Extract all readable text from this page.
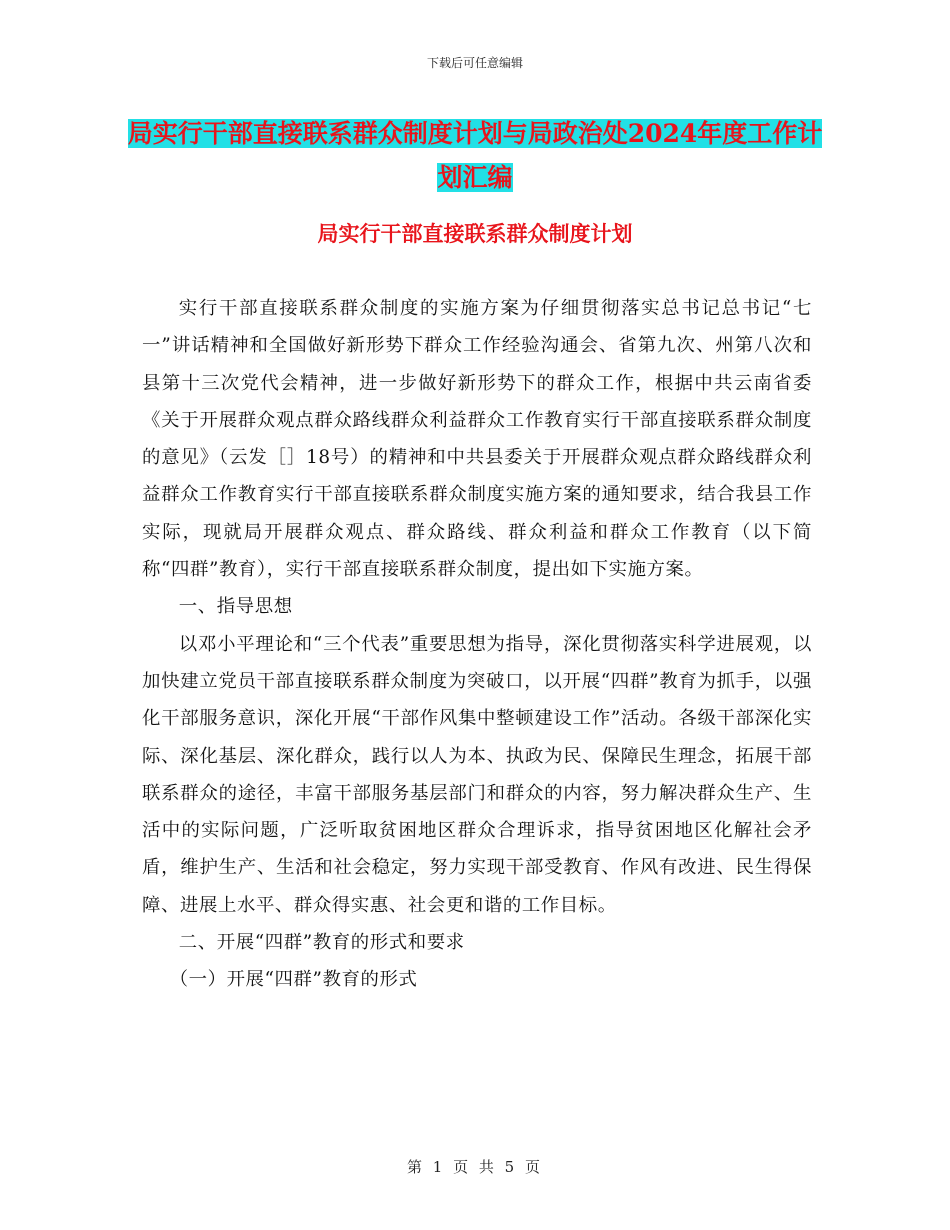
下载后可任意编辑
局实行干部直接联系群众制度计划与局政治处2024年度工作计划汇编
局实行干部直接联系群众制度计划

实行干部直接联系群众制度的实施方案为仔细贯彻落实总书记总书记“七一”讲话精神和全国做好新形势下群众工作经验沟通会、省第九次、州第八次和县第十三次党代会精神，进一步做好新形势下的群众工作，根据中共云南省委《关于开展群众观点群众路线群众利益群众工作教育实行干部直接联系群众制度的意见》（云发［］18号）的精神和中共县委关于开展群众观点群众路线群众利益群众工作教育实行干部直接联系群众制度实施方案的通知要求，结合我县工作实际，现就局开展群众观点、群众路线、群众利益和群众工作教育（以下简称“四群”教育），实行干部直接联系群众制度，提出如下实施方案。

一、指导思想

以邓小平理论和“三个代表”重要思想为指导，深化贯彻落实科学进展观，以加快建立党员干部直接联系群众制度为突破口，以开展“四群”教育为抓手，以强化干部服务意识，深化开展“干部作风集中整顿建设工作”活动。各级干部深化实际、深化基层、深化群众，践行以人为本、执政为民、保障民生理念，拓展干部联系群众的途径，丰富干部服务基层部门和群众的内容，努力解决群众生产、生活中的实际问题，广泛听取贫困地区群众合理诉求，指导贫困地区化解社会矛盾，维护生产、生活和社会稳定，努力实现干部受教育、作风有改进、民生得保障、进展上水平、群众得实惠、社会更和谐的工作目标。

二、开展“四群”教育的形式和要求

（一）开展“四群”教育的形式

第 1 页 共 5 页
